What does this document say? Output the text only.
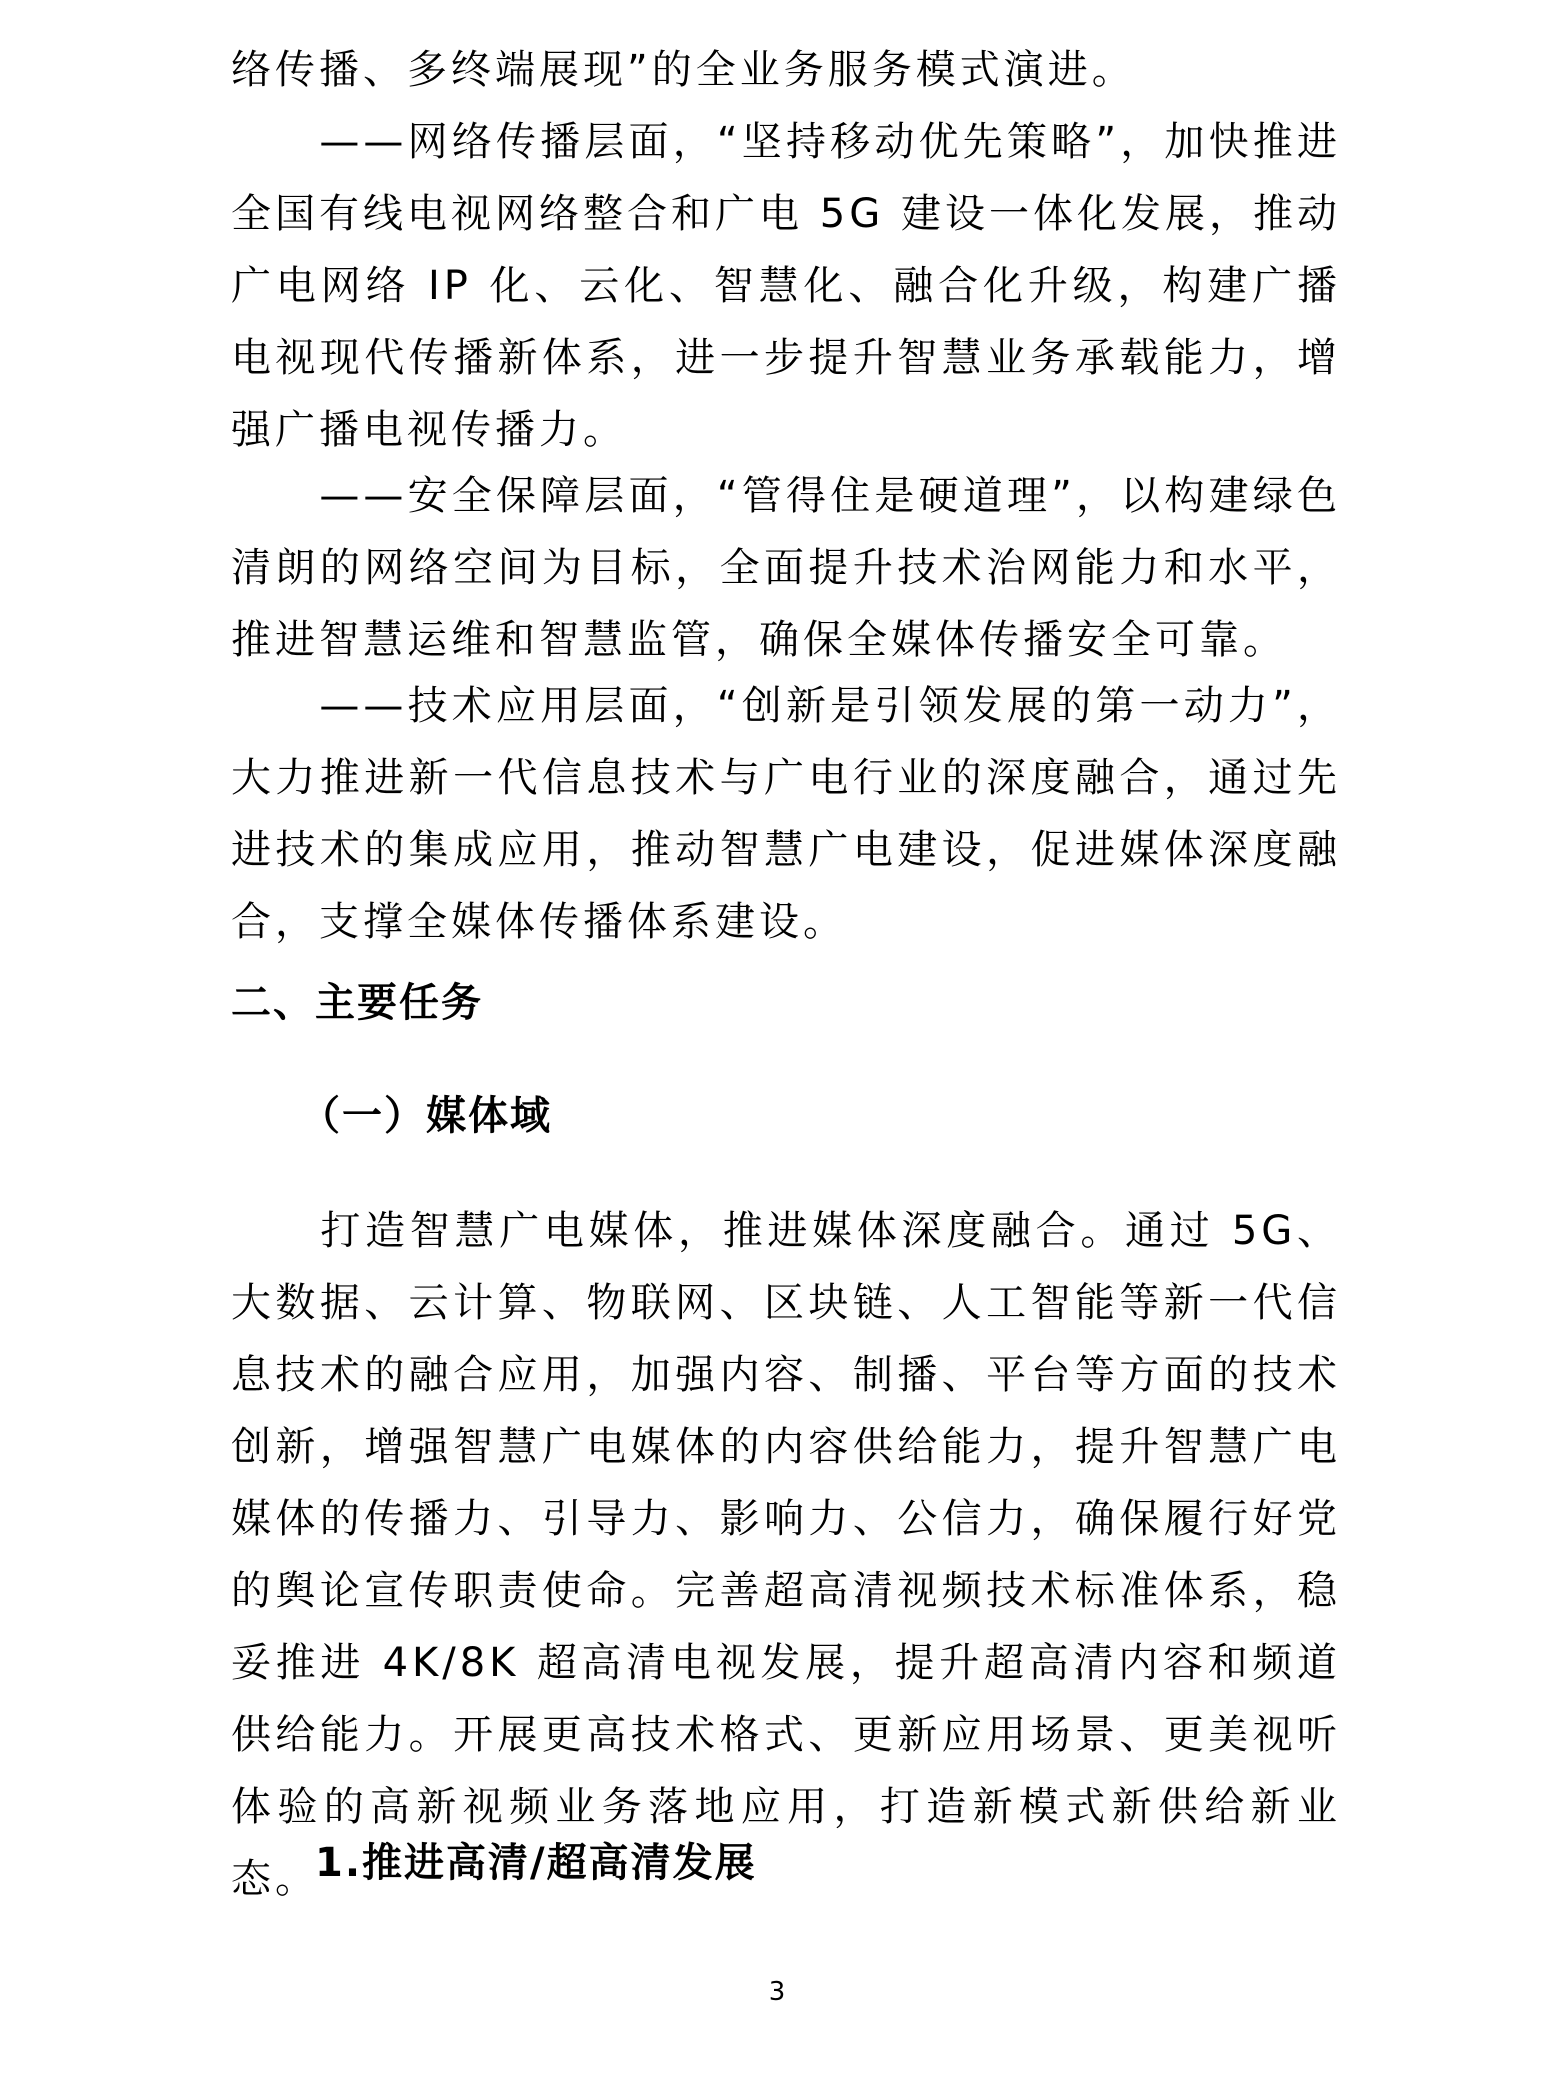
络传播、多终端展现”的全业务服务模式演进。

　　——网络传播层面，“坚持移动优先策略”，加快推进全国有线电视网络整合和广电 5G 建设一体化发展，推动广电网络 IP 化、云化、智慧化、融合化升级，构建广播电视现代传播新体系，进一步提升智慧业务承载能力，增强广播电视传播力。

　　——安全保障层面，“管得住是硬道理”，以构建绿色清朗的网络空间为目标，全面提升技术治网能力和水平，推进智慧运维和智慧监管，确保全媒体传播安全可靠。

　　——技术应用层面，“创新是引领发展的第一动力”，大力推进新一代信息技术与广电行业的深度融合，通过先进技术的集成应用，推动智慧广电建设，促进媒体深度融合，支撑全媒体传播体系建设。

二、主要任务
（一）媒体域

　　打造智慧广电媒体，推进媒体深度融合。通过 5G、大数据、云计算、物联网、区块链、人工智能等新一代信息技术的融合应用，加强内容、制播、平台等方面的技术创新，增强智慧广电媒体的内容供给能力，提升智慧广电媒体的传播力、引导力、影响力、公信力，确保履行好党的舆论宣传职责使命。完善超高清视频技术标准体系，稳妥推进 4K/8K 超高清电视发展，提升超高清内容和频道供给能力。开展更高技术格式、更新应用场景、更美视听体验的高新视频业务落地应用，打造新模式新供给新业态。

1.推进高清/超高清发展
3
